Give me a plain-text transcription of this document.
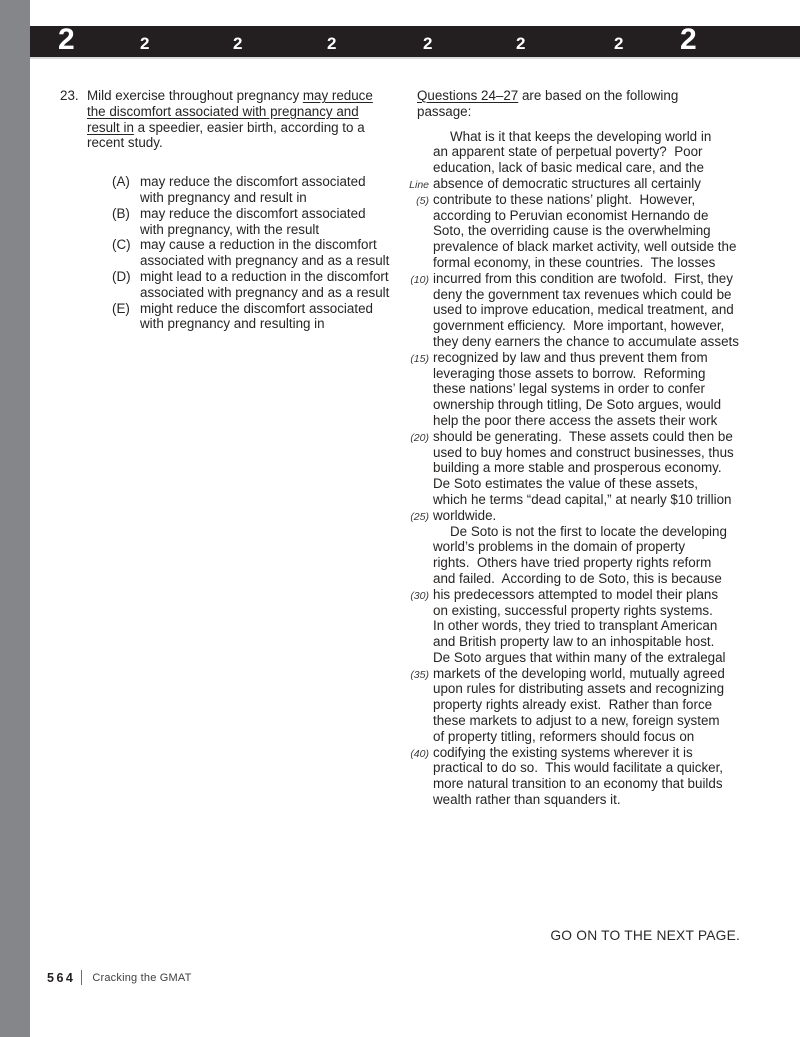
2	2	2	2	2	2	2 2
23. Mild exercise throughout pregnancy may reduce the discomfort associated with pregnancy and result in a speedier, easier birth, according to a recent study.

(A) may reduce the discomfort associated with pregnancy and result in
(B) may reduce the discomfort associated with pregnancy, with the result
(C) may cause a reduction in the discomfort associated with pregnancy and as a result
(D) might lead to a reduction in the discomfort associated with pregnancy and as a result
(E) might reduce the discomfort associated with pregnancy and resulting in
Questions 24–27 are based on the following
passage:
What is it that keeps the developing world in
an apparent state of perpetual poverty?  Poor
education, lack of basic medical care, and the
Line absence of democratic structures all certainly
(5) contribute to these nations’ plight.  However,
according to Peruvian economist Hernando de
Soto, the overriding cause is the overwhelming
prevalence of black market activity, well outside the
formal economy, in these countries.  The losses
(10) incurred from this condition are twofold.  First, they
deny the government tax revenues which could be
used to improve education, medical treatment, and
government efficiency.  More important, however,
they deny earners the chance to accumulate assets
(15) recognized by law and thus prevent them from
leveraging those assets to borrow.  Reforming
these nations’ legal systems in order to confer
ownership through titling, De Soto argues, would
help the poor there access the assets their work
(20) should be generating.  These assets could then be
used to buy homes and construct businesses, thus
building a more stable and prosperous economy.
De Soto estimates the value of these assets,
which he terms “dead capital,” at nearly $10 trillion
(25) worldwide.
De Soto is not the first to locate the developing
world’s problems in the domain of property
rights.  Others have tried property rights reform
and failed.  According to de Soto, this is because
(30) his predecessors attempted to model their plans
on existing, successful property rights systems.
In other words, they tried to transplant American
and British property law to an inhospitable host.
De Soto argues that within many of the extralegal
(35) markets of the developing world, mutually agreed
upon rules for distributing assets and recognizing
property rights already exist.  Rather than force
these markets to adjust to a new, foreign system
of property titling, reformers should focus on
(40) codifying the existing systems wherever it is
practical to do so.  This would facilitate a quicker,
more natural transition to an economy that builds
wealth rather than squanders it.
GO ON TO THE NEXT PAGE.
564 Cracking the GMAT
